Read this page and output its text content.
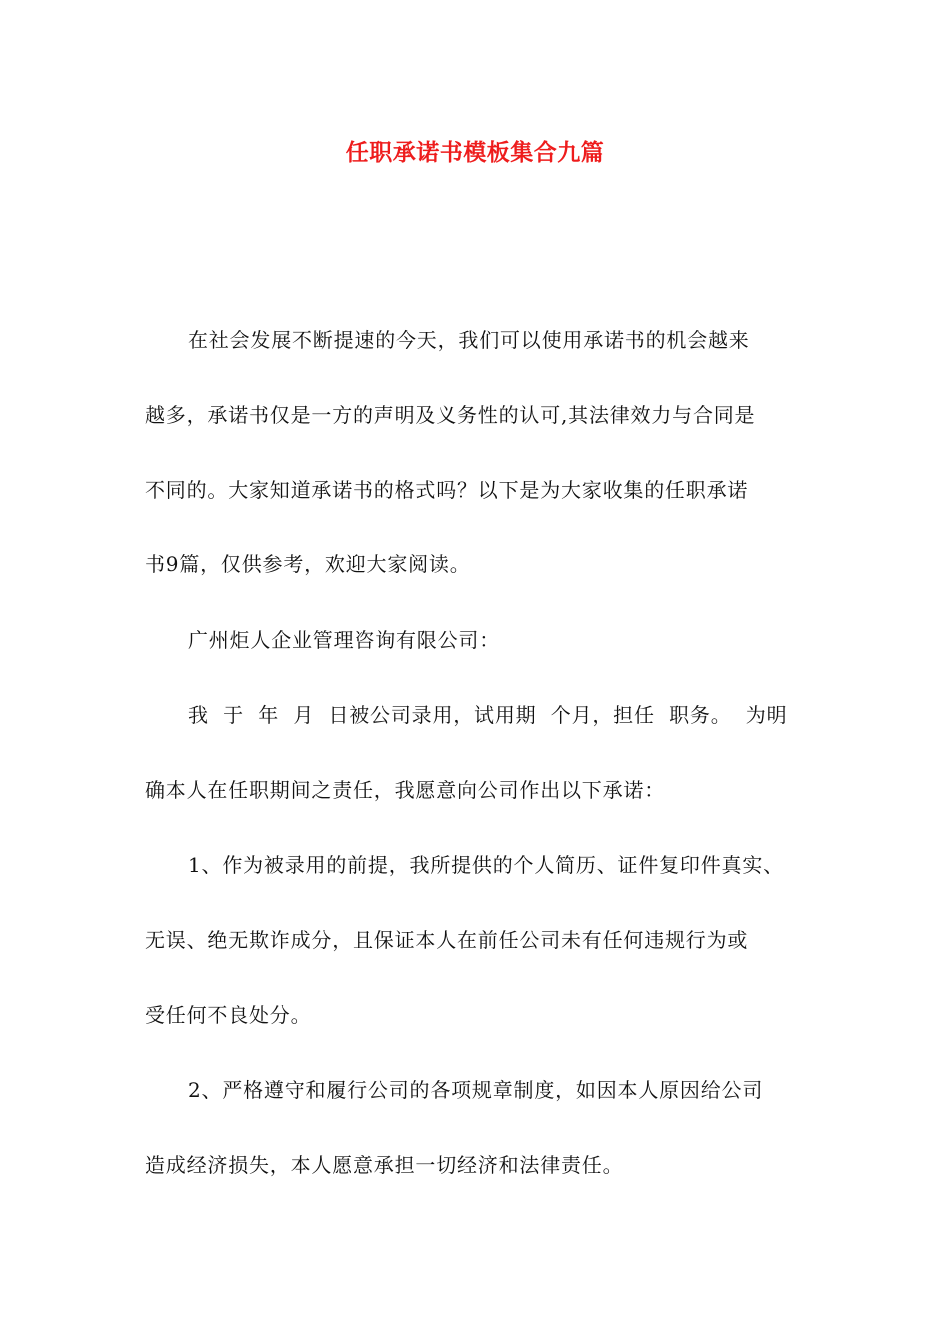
任职承诺书模板集合九篇
在社会发展不断提速的今天，我们可以使用承诺书的机会越来
越多，承诺书仅是一方的声明及义务性的认可,其法律效力与合同是
不同的。大家知道承诺书的格式吗？以下是为大家收集的任职承诺
书9篇，仅供参考，欢迎大家阅读。
广州炬人企业管理咨询有限公司：
我  于  年  月  日被公司录用，试用期  个月，担任  职务。  为明
确本人在任职期间之责任，我愿意向公司作出以下承诺：
1、作为被录用的前提，我所提供的个人简历、证件复印件真实、
无误、绝无欺诈成分，且保证本人在前任公司未有任何违规行为或
受任何不良处分。
2、严格遵守和履行公司的各项规章制度，如因本人原因给公司
造成经济损失，本人愿意承担一切经济和法律责任。
